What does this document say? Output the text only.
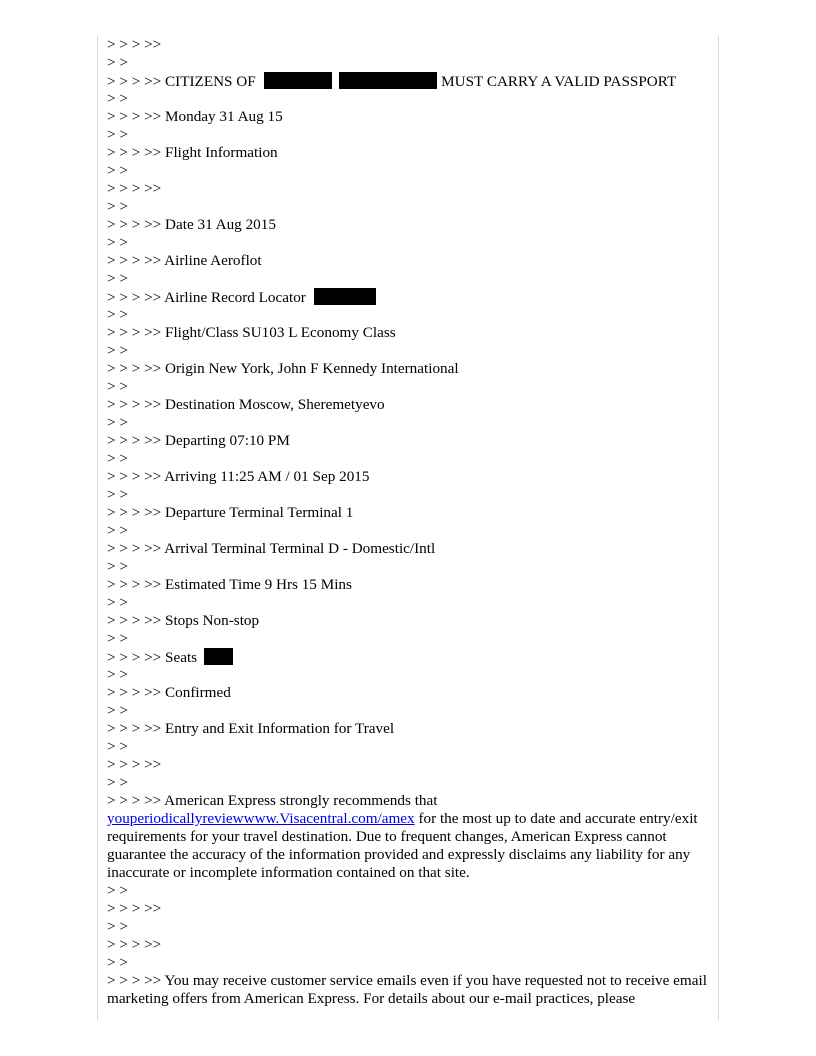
> > > >>
> >
> > > >> CITIZENS OF	MUST CARRY A VALID PASSPORT
> >
> > > >> Monday 31 Aug 15
> >
> > > >> Flight Information
> >
> > > >>
> >
> > > >> Date 31 Aug 2015
> >
> > > >> Airline Aeroflot
> >
> > > >> Airline Record Locator
> >
> > > >> Flight/Class SU103 L Economy Class
> >
> > > >> Origin New York, John F Kennedy International
> >
> > > >> Destination Moscow, Sheremetyevo
> >
> > > >> Departing 07:10 PM
> >
> > > >> Arriving 11:25 AM / 01 Sep 2015
> >
> > > >> Departure Terminal Terminal 1
> >
> > > >> Arrival Terminal Terminal D - Domestic/Intl
> >
> > > >> Estimated Time 9 Hrs 15 Mins
> >
> > > >> Stops Non-stop
> >
> > > >> Seats
> >
> > > >> Confirmed
> >
> > > >> Entry and Exit Information for Travel
> >
> > > >>
> >
> > > >> American Express strongly recommends that
youperiodicallyreviewwww.Visacentral.com/amex for the most up to date and accurate entry/exit requirements for your travel destination. Due to frequent changes, American Express cannot guarantee the accuracy of the information provided and expressly disclaims any liability for any inaccurate or incomplete information contained on that site.
> >
> > > >>
> >
> > > >>
> >
> > > >> You may receive customer service emails even if you have requested not to receive email marketing offers from American Express. For details about our e-mail practices, please
